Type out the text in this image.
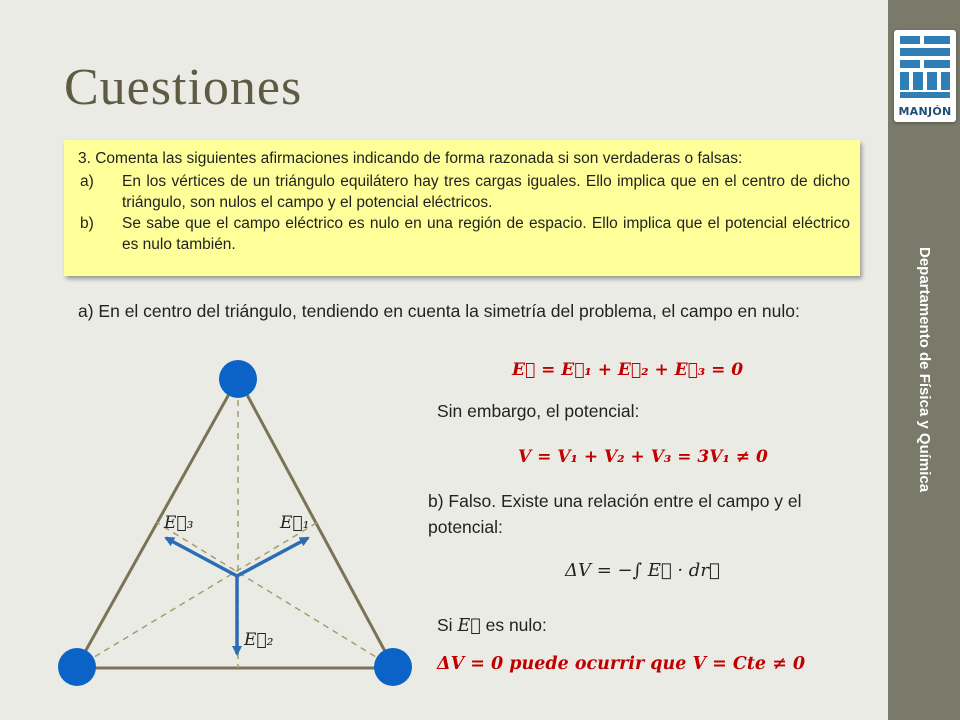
MANJÓN
Departamento de Física y Química
Cuestiones
3. Comenta las siguientes afirmaciones indicando de forma razonada si son verdaderas o falsas:
a)	En los vértices de un triángulo equilátero hay tres cargas iguales. Ello implica que en el centro de dicho triángulo, son nulos el campo y el potencial eléctricos.
b)	Se sabe que el campo eléctrico es nulo en una región de espacio. Ello implica que el potencial eléctrico es nulo también.
a) En el centro del triángulo, tendiendo en cuenta la simetría del problema, el campo en nulo:
E⃗ = E⃗₁ + E⃗₂ + E⃗₃ = 0
Sin embargo, el potencial:
V = V₁ + V₂ + V₃ = 3V₁ ≠ 0
b) Falso. Existe una relación entre el campo y el potencial:
ΔV = −∫ E⃗ · dr⃗
Si E⃗ es nulo:
ΔV = 0 puede ocurrir que V = Cte ≠ 0
E⃗₁
E⃗₂
E⃗₃
